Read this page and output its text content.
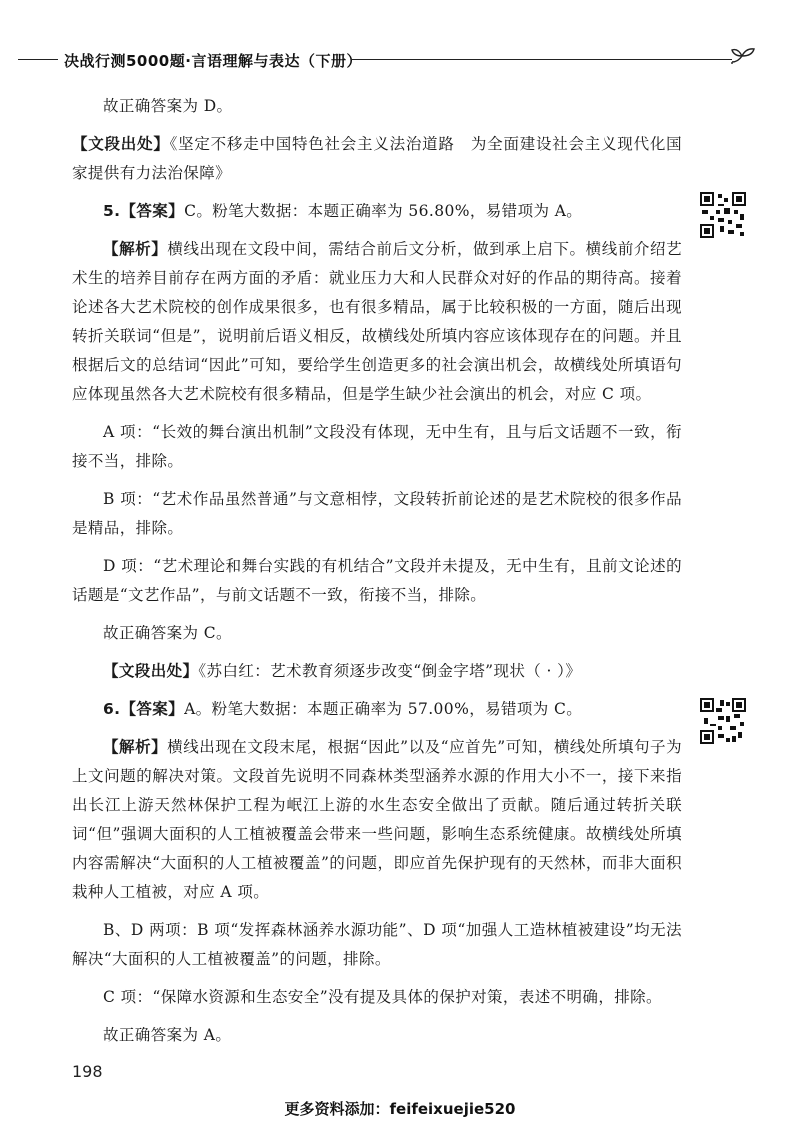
决战行测5000题·言语理解与表达（下册）

故正确答案为 D。

【文段出处】《坚定不移走中国特色社会主义法治道路　为全面建设社会主义现代化国家提供有力法治保障》

5.【答案】C。粉笔大数据：本题正确率为 56.80%，易错项为 A。

【解析】横线出现在文段中间，需结合前后文分析，做到承上启下。横线前介绍艺术生的培养目前存在两方面的矛盾：就业压力大和人民群众对好的作品的期待高。接着论述各大艺术院校的创作成果很多，也有很多精品，属于比较积极的一方面，随后出现转折关联词“但是”，说明前后语义相反，故横线处所填内容应该体现存在的问题。并且根据后文的总结词“因此”可知，要给学生创造更多的社会演出机会，故横线处所填语句应体现虽然各大艺术院校有很多精品，但是学生缺少社会演出的机会，对应 C 项。

A 项：“长效的舞台演出机制”文段没有体现，无中生有，且与后文话题不一致，衔接不当，排除。

B 项：“艺术作品虽然普通”与文意相悖，文段转折前论述的是艺术院校的很多作品是精品，排除。

D 项：“艺术理论和舞台实践的有机结合”文段并未提及，无中生有，且前文论述的话题是“文艺作品”，与前文话题不一致，衔接不当，排除。

故正确答案为 C。

【文段出处】《苏白红：艺术教育须逐步改变“倒金字塔”现状（ · ）》

6.【答案】A。粉笔大数据：本题正确率为 57.00%，易错项为 C。

【解析】横线出现在文段末尾，根据“因此”以及“应首先”可知，横线处所填句子为上文问题的解决对策。文段首先说明不同森林类型涵养水源的作用大小不一，接下来指出长江上游天然林保护工程为岷江上游的水生态安全做出了贡献。随后通过转折关联词“但”强调大面积的人工植被覆盖会带来一些问题，影响生态系统健康。故横线处所填内容需解决“大面积的人工植被覆盖”的问题，即应首先保护现有的天然林，而非大面积栽种人工植被，对应 A 项。

B、D 两项：B 项“发挥森林涵养水源功能”、D 项“加强人工造林植被建设”均无法解决“大面积的人工植被覆盖”的问题，排除。

C 项：“保障水资源和生态安全”没有提及具体的保护对策，表述不明确，排除。

故正确答案为 A。

198
更多资料添加：feifeixuejie520
